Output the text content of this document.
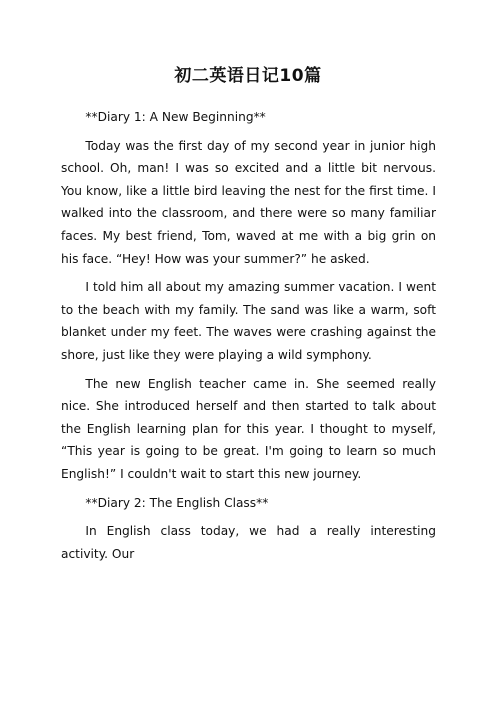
初二英语日记10篇

**Diary 1: A New Beginning**

Today was the first day of my second year in junior high school. Oh, man! I was so excited and a little bit nervous. You know, like a little bird leaving the nest for the first time. I walked into the classroom, and there were so many familiar faces. My best friend, Tom, waved at me with a big grin on his face. “Hey! How was your summer?” he asked.

I told him all about my amazing summer vacation. I went to the beach with my family. The sand was like a warm, soft blanket under my feet. The waves were crashing against the shore, just like they were playing a wild symphony.

The new English teacher came in. She seemed really nice. She introduced herself and then started to talk about the English learning plan for this year. I thought to myself, “This year is going to be great. I'm going to learn so much English!” I couldn't wait to start this new journey.

**Diary 2: The English Class**

In English class today, we had a really interesting activity. Our
